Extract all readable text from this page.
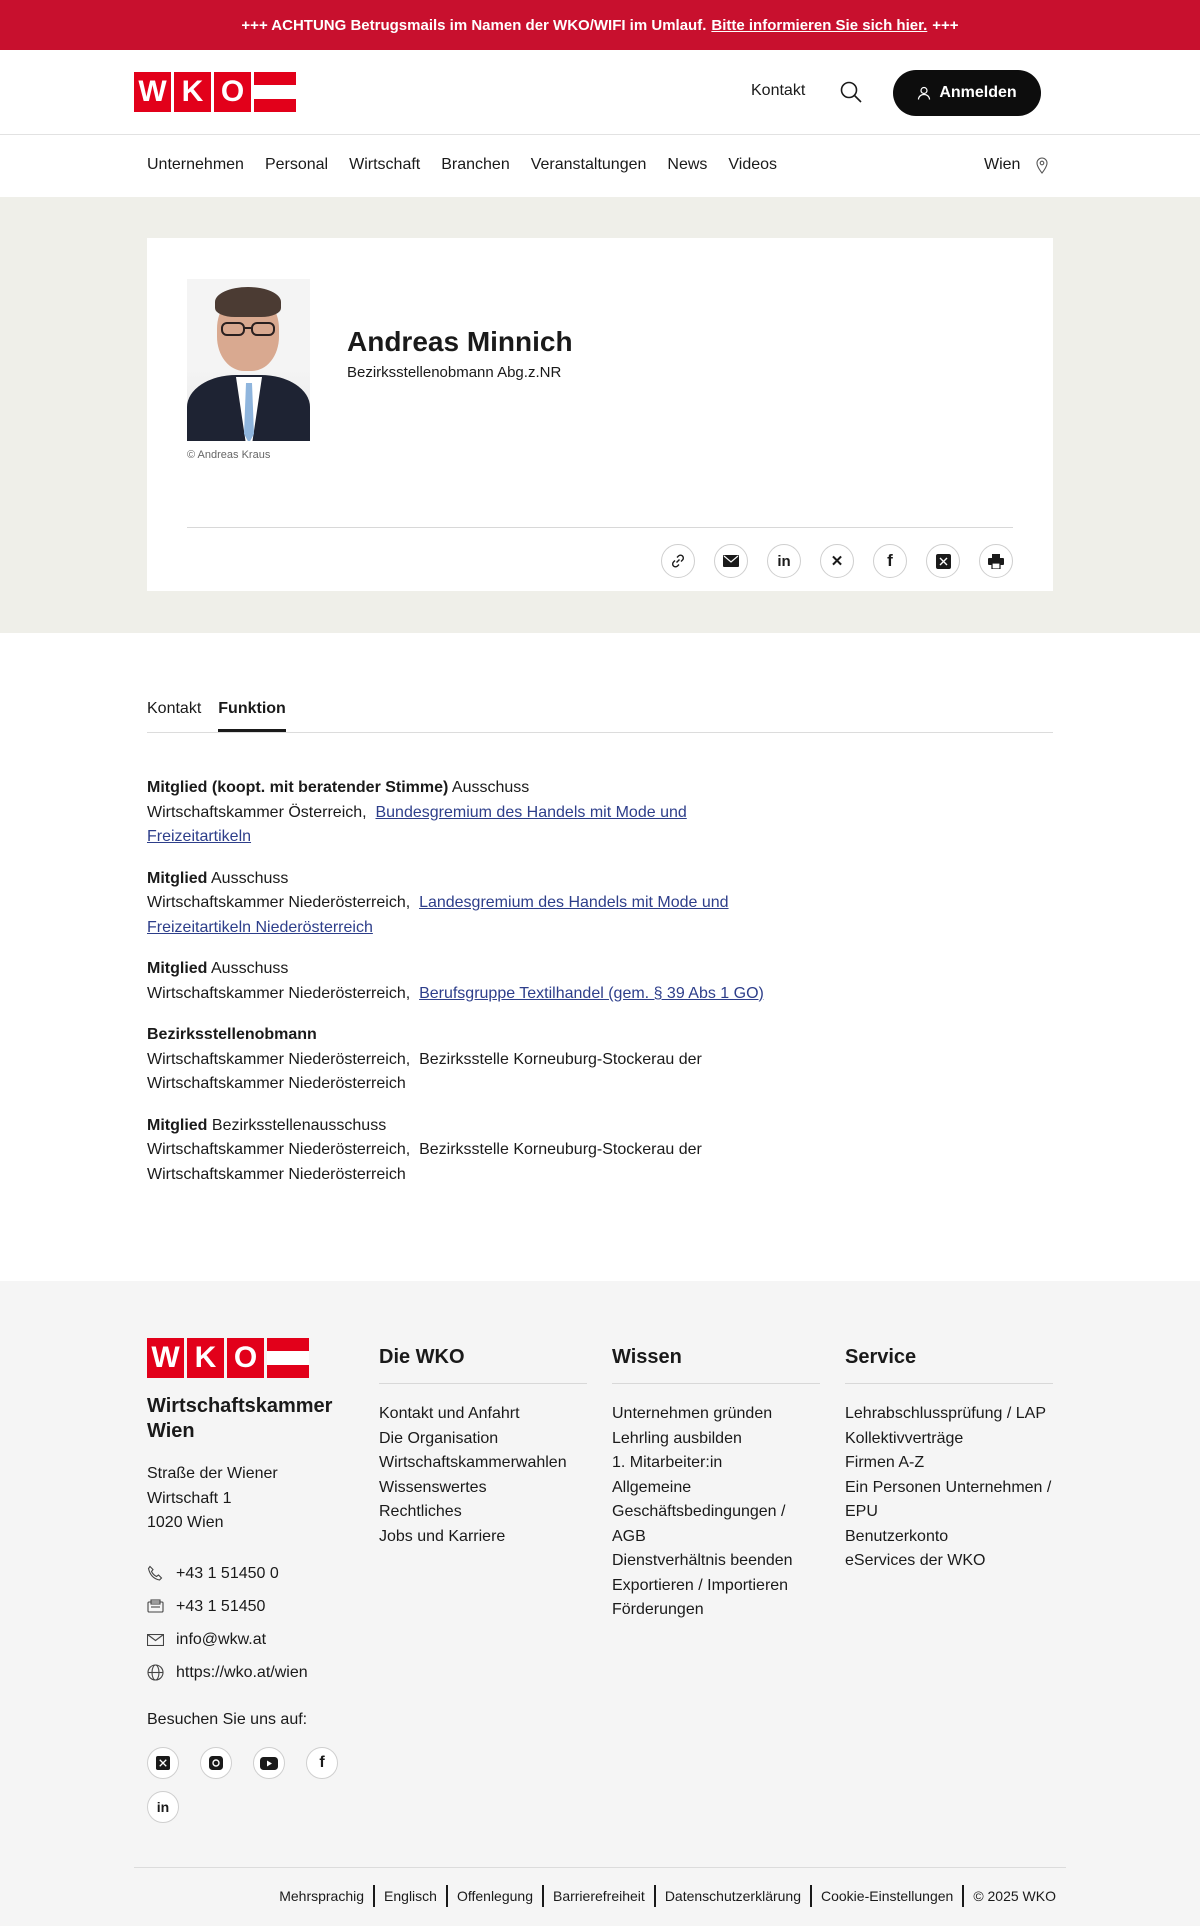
+++ ACHTUNG Betrugsmails im Namen der WKO/WIFI im Umlauf. Bitte informieren Sie sich hier. +++
W K O	Kontakt	Anmelden
Unternehmen Personal Wirtschaft Branchen Veranstaltungen News Videos	Wien
© Andreas Kraus
Andreas Minnich
Bezirksstellenobmann Abg.z.NR
in	✕	f
Kontakt Funktion
Mitglied (koopt. mit beratender Stimme) Ausschuss
Wirtschaftskammer Österreich, Bundesgremium des Handels mit Mode und Freizeitartikeln
Mitglied Ausschuss
Wirtschaftskammer Niederösterreich, Landesgremium des Handels mit Mode und Freizeitartikeln Niederösterreich
Mitglied Ausschuss
Wirtschaftskammer Niederösterreich, Berufsgruppe Textilhandel (gem. § 39 Abs 1 GO)
Bezirksstellenobmann
Wirtschaftskammer Niederösterreich, Bezirksstelle Korneuburg-Stockerau der Wirtschaftskammer Niederösterreich
Mitglied Bezirksstellenausschuss
Wirtschaftskammer Niederösterreich, Bezirksstelle Korneuburg-Stockerau der Wirtschaftskammer Niederösterreich
W K O
Wirtschaftskammer Wien
Straße der Wiener
Wirtschaft 1
1020 Wien
+43 1 51450 0
+43 1 51450
info@wkw.at
https://wko.at/wien
Besuchen Sie uns auf:
f
in
Die WKO
Kontakt und Anfahrt
Die Organisation
Wirtschaftskammerwahlen
Wissenswertes
Rechtliches
Jobs und Karriere
Wissen
Unternehmen gründen
Lehrling ausbilden
1. Mitarbeiter:in
Allgemeine Geschäftsbedingungen / AGB
Dienstverhältnis beenden
Exportieren / Importieren
Förderungen
Service
Lehrabschlussprüfung / LAP
Kollektivverträge
Firmen A-Z
Ein Personen Unternehmen / EPU
Benutzerkonto
eServices der WKO
Mehrsprachig	Englisch	Offenlegung	Barrierefreiheit	Datenschutzerklärung	Cookie-Einstellungen	© 2025 WKO
